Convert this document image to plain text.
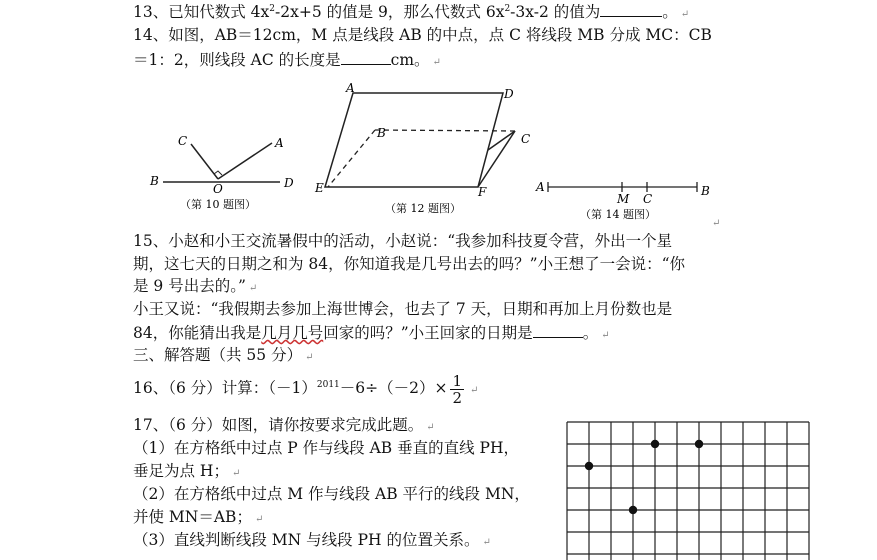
13、已知代数式 $4x^2-2x+5$ 的值是 9，那么代数式 $6x^2-3x-2$ 的值为	。 ↵
14、如图，AB＝12cm，M 点是线段 AB 的中点，点 C 将线段 MB 分成 MC：CB
＝1：2，则线段 AC 的长度是	cm。 ↵
B	D
O
C	A
（第 10 题图）
A	D
B	C
E	F
（第 12 题图）
A
M C
B
（第 14 题图）
↵
15、小赵和小王交流暑假中的活动，小赵说：“我参加科技夏令营，外出一个星
期，这七天的日期之和为 84，你知道我是几号出去的吗？”小王想了一会说：“你
是 9 号出去的。” ↵
小王又说：“我假期去参加上海世博会，也去了 7 天，日期和再加上月份数也是
84，你能猜出我是几月几号回家的吗？”小王回家的日期是	。 ↵
三、解答题（共 55 分） ↵
16、（6 分）计算：$(-1)^{2011}-6\div(-2)\times \frac{1}{2}$ ↵
17、（6 分）如图，请你按要求完成此题。 ↵
（1）在方格纸中过点 P 作与线段 AB 垂直的直线 PH，
垂足为点 H； ↵
（2）在方格纸中过点 M 作与线段 AB 平行的线段 MN，
并使 MN＝AB； ↵
（3）直线判断线段 MN 与线段 PH 的位置关系。 ↵
